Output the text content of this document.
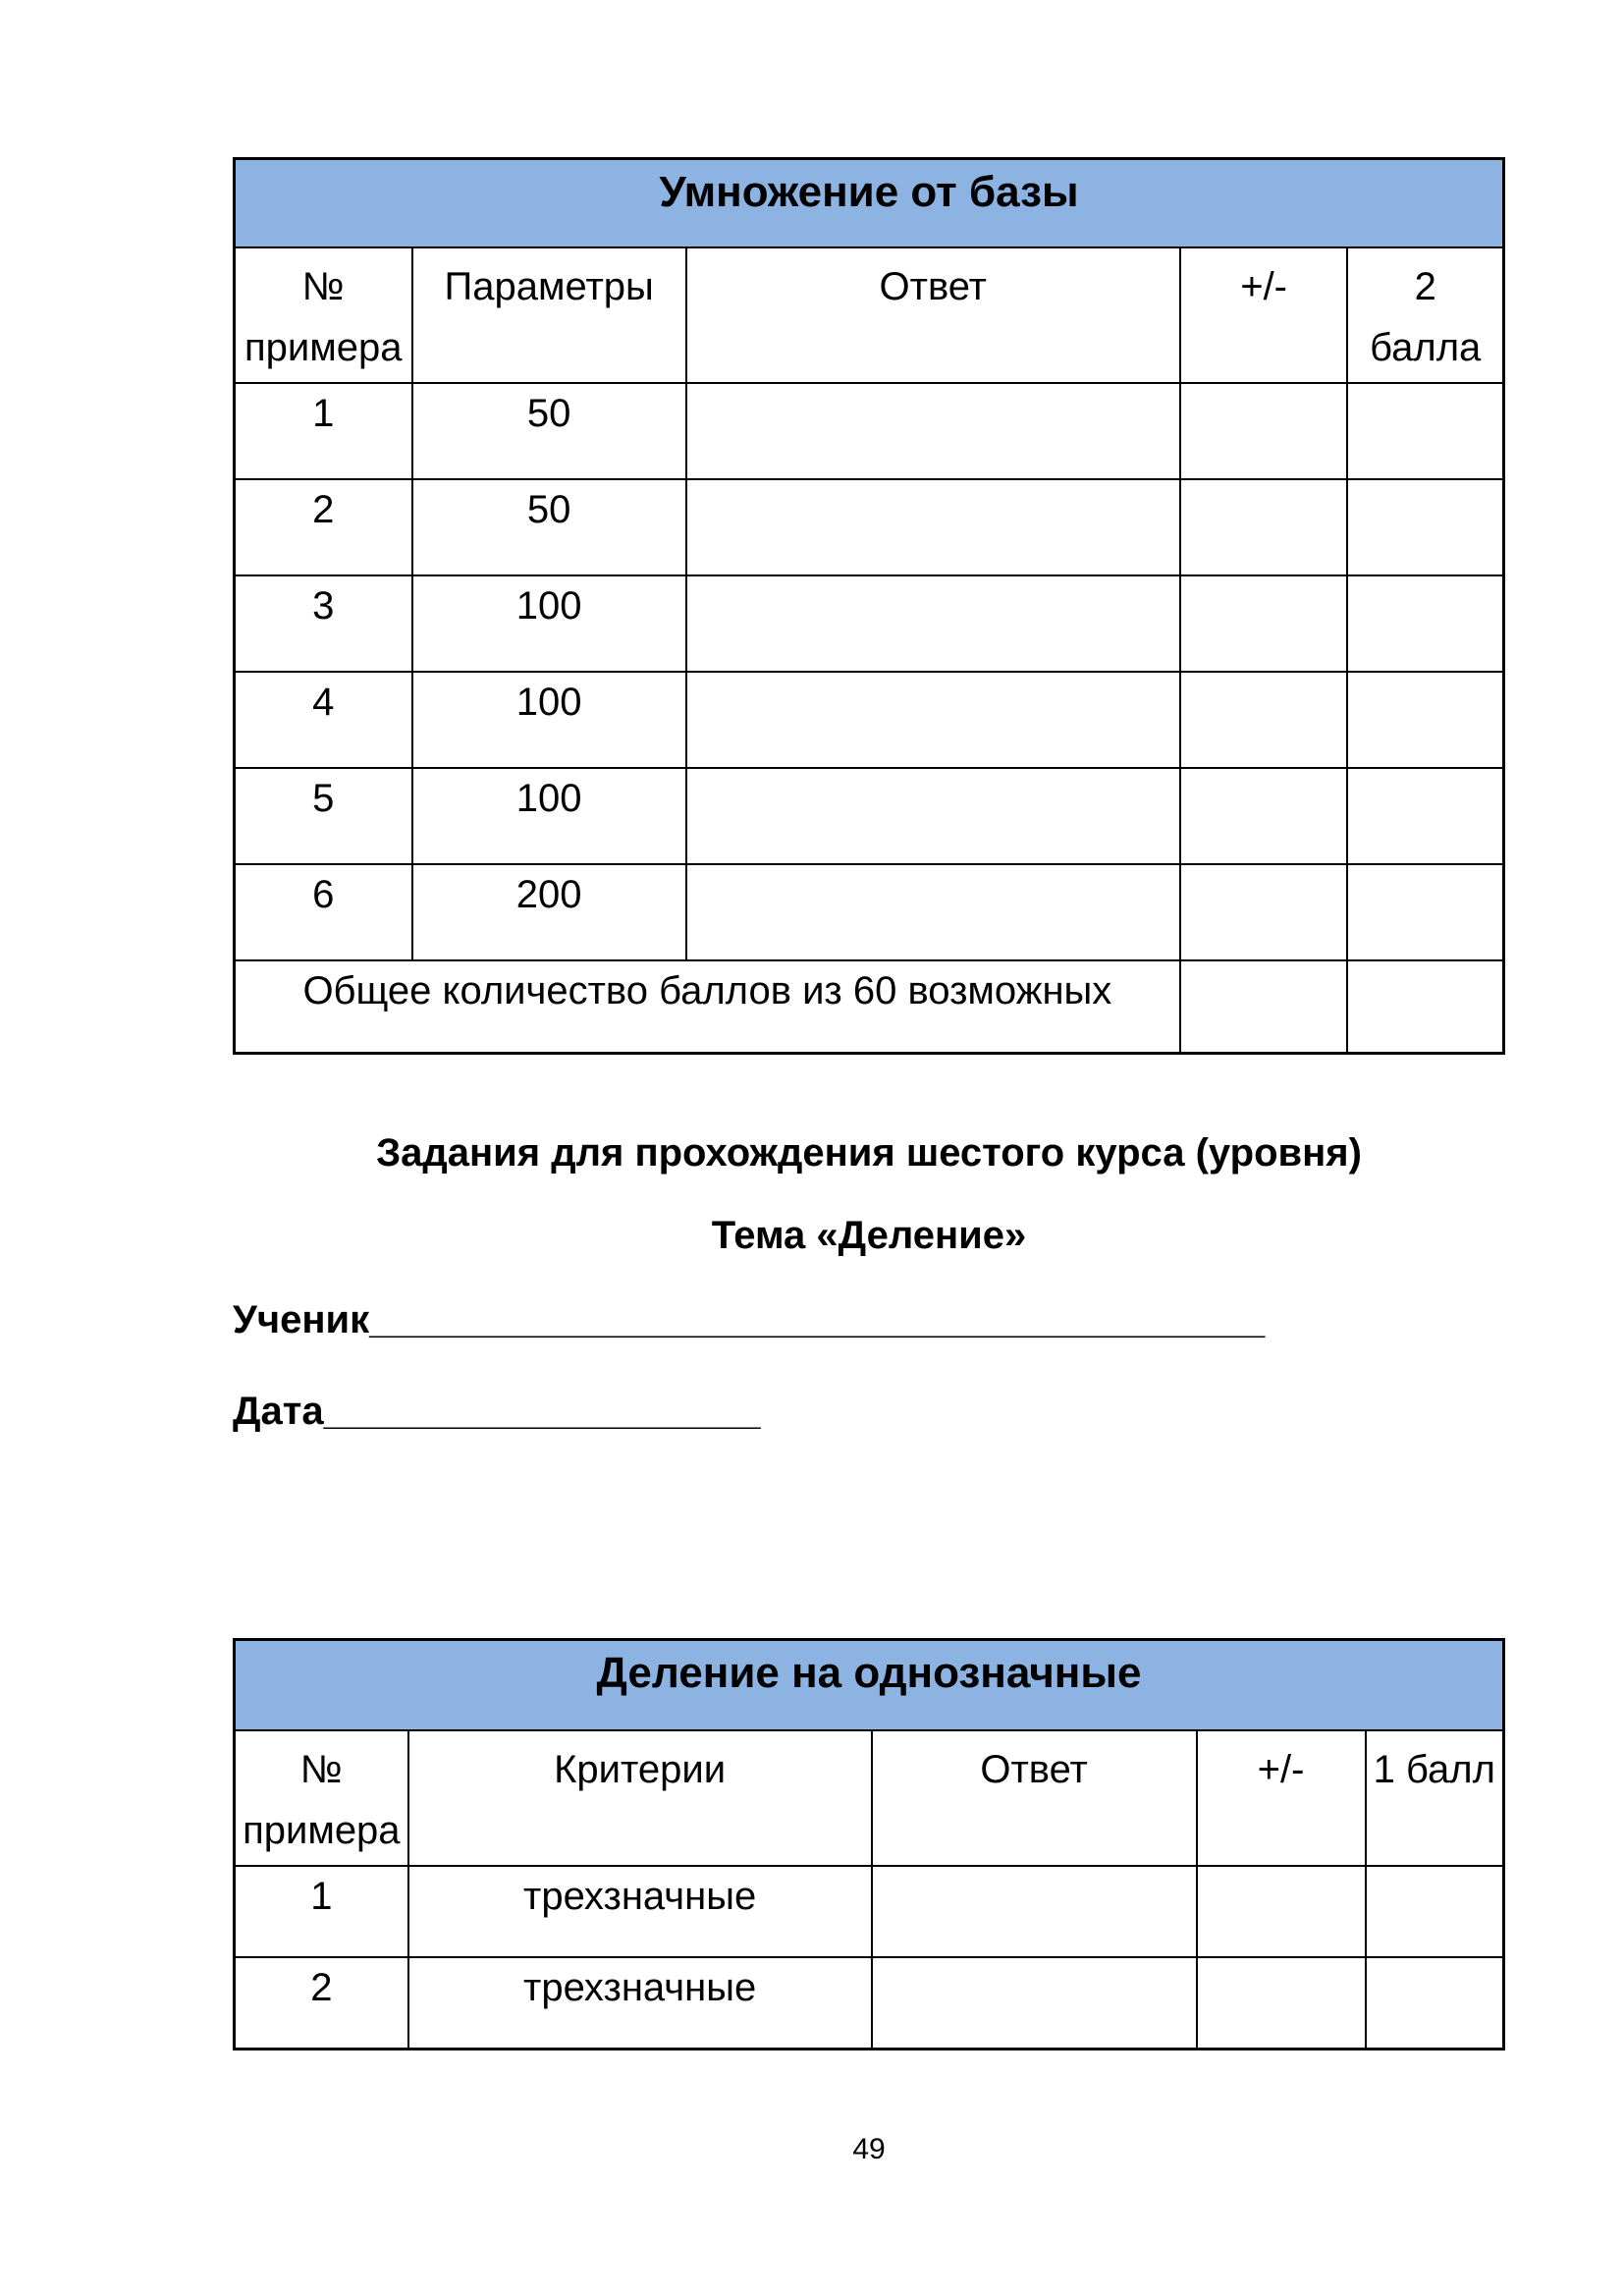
Умножение от базы				

№
примера	Параметры	Ответ	+/-	2 балла
1	50			
2	50			
3	100			
4	100			
5	100			
6	200			
Общее количество баллов из 60 возможных				
Задания для прохождения шестого курса (уровня)
Тема «Деление»
Ученик_________________________________________
Дата____________________
Деление на однозначные				

№
примера	Критерии	Ответ	+/-	1 балл
1	трехзначные			
2	трехзначные			
49
